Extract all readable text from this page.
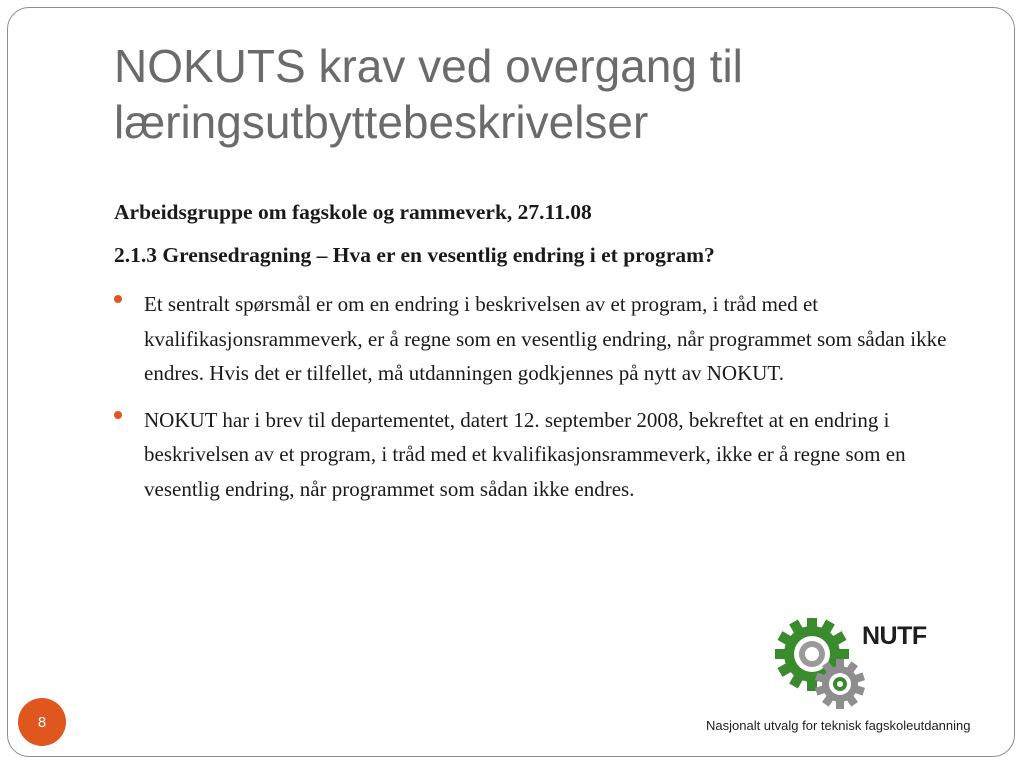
NOKUTS krav ved overgang til læringsutbyttebeskrivelser
Arbeidsgruppe om fagskole og rammeverk, 27.11.08
2.1.3 Grensedragning – Hva er en vesentlig endring i et program?
Et sentralt spørsmål er om en endring i beskrivelsen av et program, i tråd med et kvalifikasjonsrammeverk, er å regne som en vesentlig endring, når programmet som sådan ikke endres. Hvis det er tilfellet, må utdanningen godkjennes på nytt av NOKUT.
NOKUT har i brev til departementet, datert 12. september 2008, bekreftet at en endring i beskrivelsen av et program, i tråd med et kvalifikasjonsrammeverk, ikke er å regne som en vesentlig endring, når programmet som sådan ikke endres.
NUTF
Nasjonalt utvalg for teknisk fagskoleutdanning
8
